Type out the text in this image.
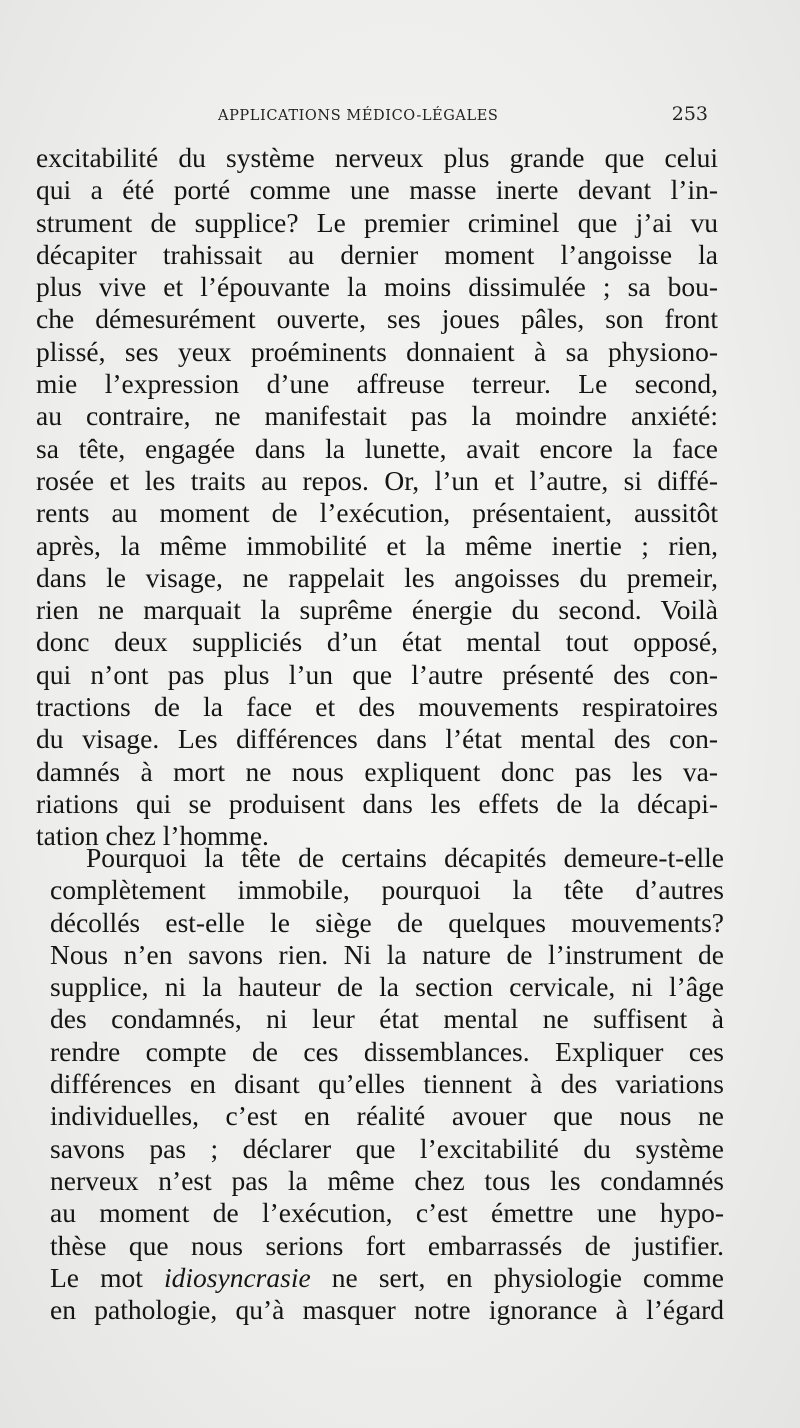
APPLICATIONS MÉDICO-LÉGALES	253
excitabilité du système nerveux plus grande que celui
qui a été porté comme une masse inerte devant l’in-
strument de supplice? Le premier criminel que j’ai vu
décapiter trahissait au dernier moment l’angoisse la
plus vive et l’épouvante la moins dissimulée ; sa bou-
che démesurément ouverte, ses joues pâles, son front
plissé, ses yeux proéminents donnaient à sa physiono-
mie l’expression d’une affreuse terreur. Le second,
au contraire, ne manifestait pas la moindre anxiété:
sa tête, engagée dans la lunette, avait encore la face
rosée et les traits au repos. Or, l’un et l’autre, si diffé-
rents au moment de l’exécution, présentaient, aussitôt
après, la même immobilité et la même inertie ; rien,
dans le visage, ne rappelait les angoisses du premeir,
rien ne marquait la suprême énergie du second. Voilà
donc deux suppliciés d’un état mental tout opposé,
qui n’ont pas plus l’un que l’autre présenté des con-
tractions de la face et des mouvements respiratoires
du visage. Les différences dans l’état mental des con-
damnés à mort ne nous expliquent donc pas les va-
riations qui se produisent dans les effets de la décapi-
tation chez l’homme.
Pourquoi la tête de certains décapités demeure-t-elle
complètement immobile, pourquoi la tête d’autres
décollés est-elle le siège de quelques mouvements?
Nous n’en savons rien. Ni la nature de l’instrument de
supplice, ni la hauteur de la section cervicale, ni l’âge
des condamnés, ni leur état mental ne suffisent à
rendre compte de ces dissemblances. Expliquer ces
différences en disant qu’elles tiennent à des variations
individuelles, c’est en réalité avouer que nous ne
savons pas ; déclarer que l’excitabilité du système
nerveux n’est pas la même chez tous les condamnés
au moment de l’exécution, c’est émettre une hypo-
thèse que nous serions fort embarrassés de justifier.
Le mot idiosyncrasie ne sert, en physiologie comme
en pathologie, qu’à masquer notre ignorance à l’égard
